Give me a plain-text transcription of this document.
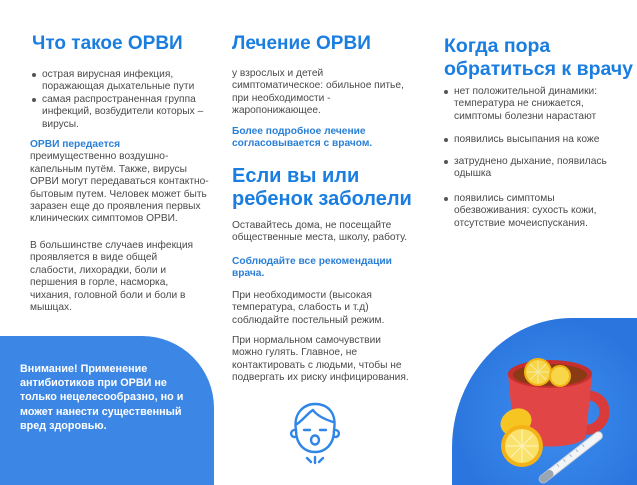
Что такое ОРВИ
острая вирусная инфекция, поражающая дыхательные пути
самая распространенная группа инфекций, возбудители которых – вирусы.
ОРВИ передается
преимущественно воздушно-капельным путём. Также, вирусы ОРВИ могут передаваться контактно-бытовым путем. Человек может быть заразен еще до проявления первых клинических симптомов ОРВИ.
В большинстве случаев инфекция проявляется в виде общей слабости, лихорадки, боли и першения в горле, насморка, чихания, головной боли и боли в мышцах.
Внимание! Применение антибиотиков при ОРВИ не только нецелесообразно, но и может нанести существенный вред здоровью.
Лечение ОРВИ
у взрослых и детей симптоматическое: обильное питье, при необходимости - жаропонижающее.
Более подробное лечение согласовывается с врачом.
Если вы или ребенок заболели
Оставайтесь дома, не посещайте общественные места, школу, работу.
Соблюдайте все рекомендации врача.
При необходимости (высокая температура, слабость и т.д) соблюдайте постельный режим.
При нормальном самочувствии можно гулять. Главное, не контактировать с людьми, чтобы не подвергать их риску инфицирования.
Когда пора обратиться к врачу
нет положительной динамики: температура не снижается, симптомы болезни нарастают
появились высыпания на коже
затруднено дыхание, появилась одышка
появились симптомы обезвоживания: сухость кожи, отсутствие мочеиспускания.
